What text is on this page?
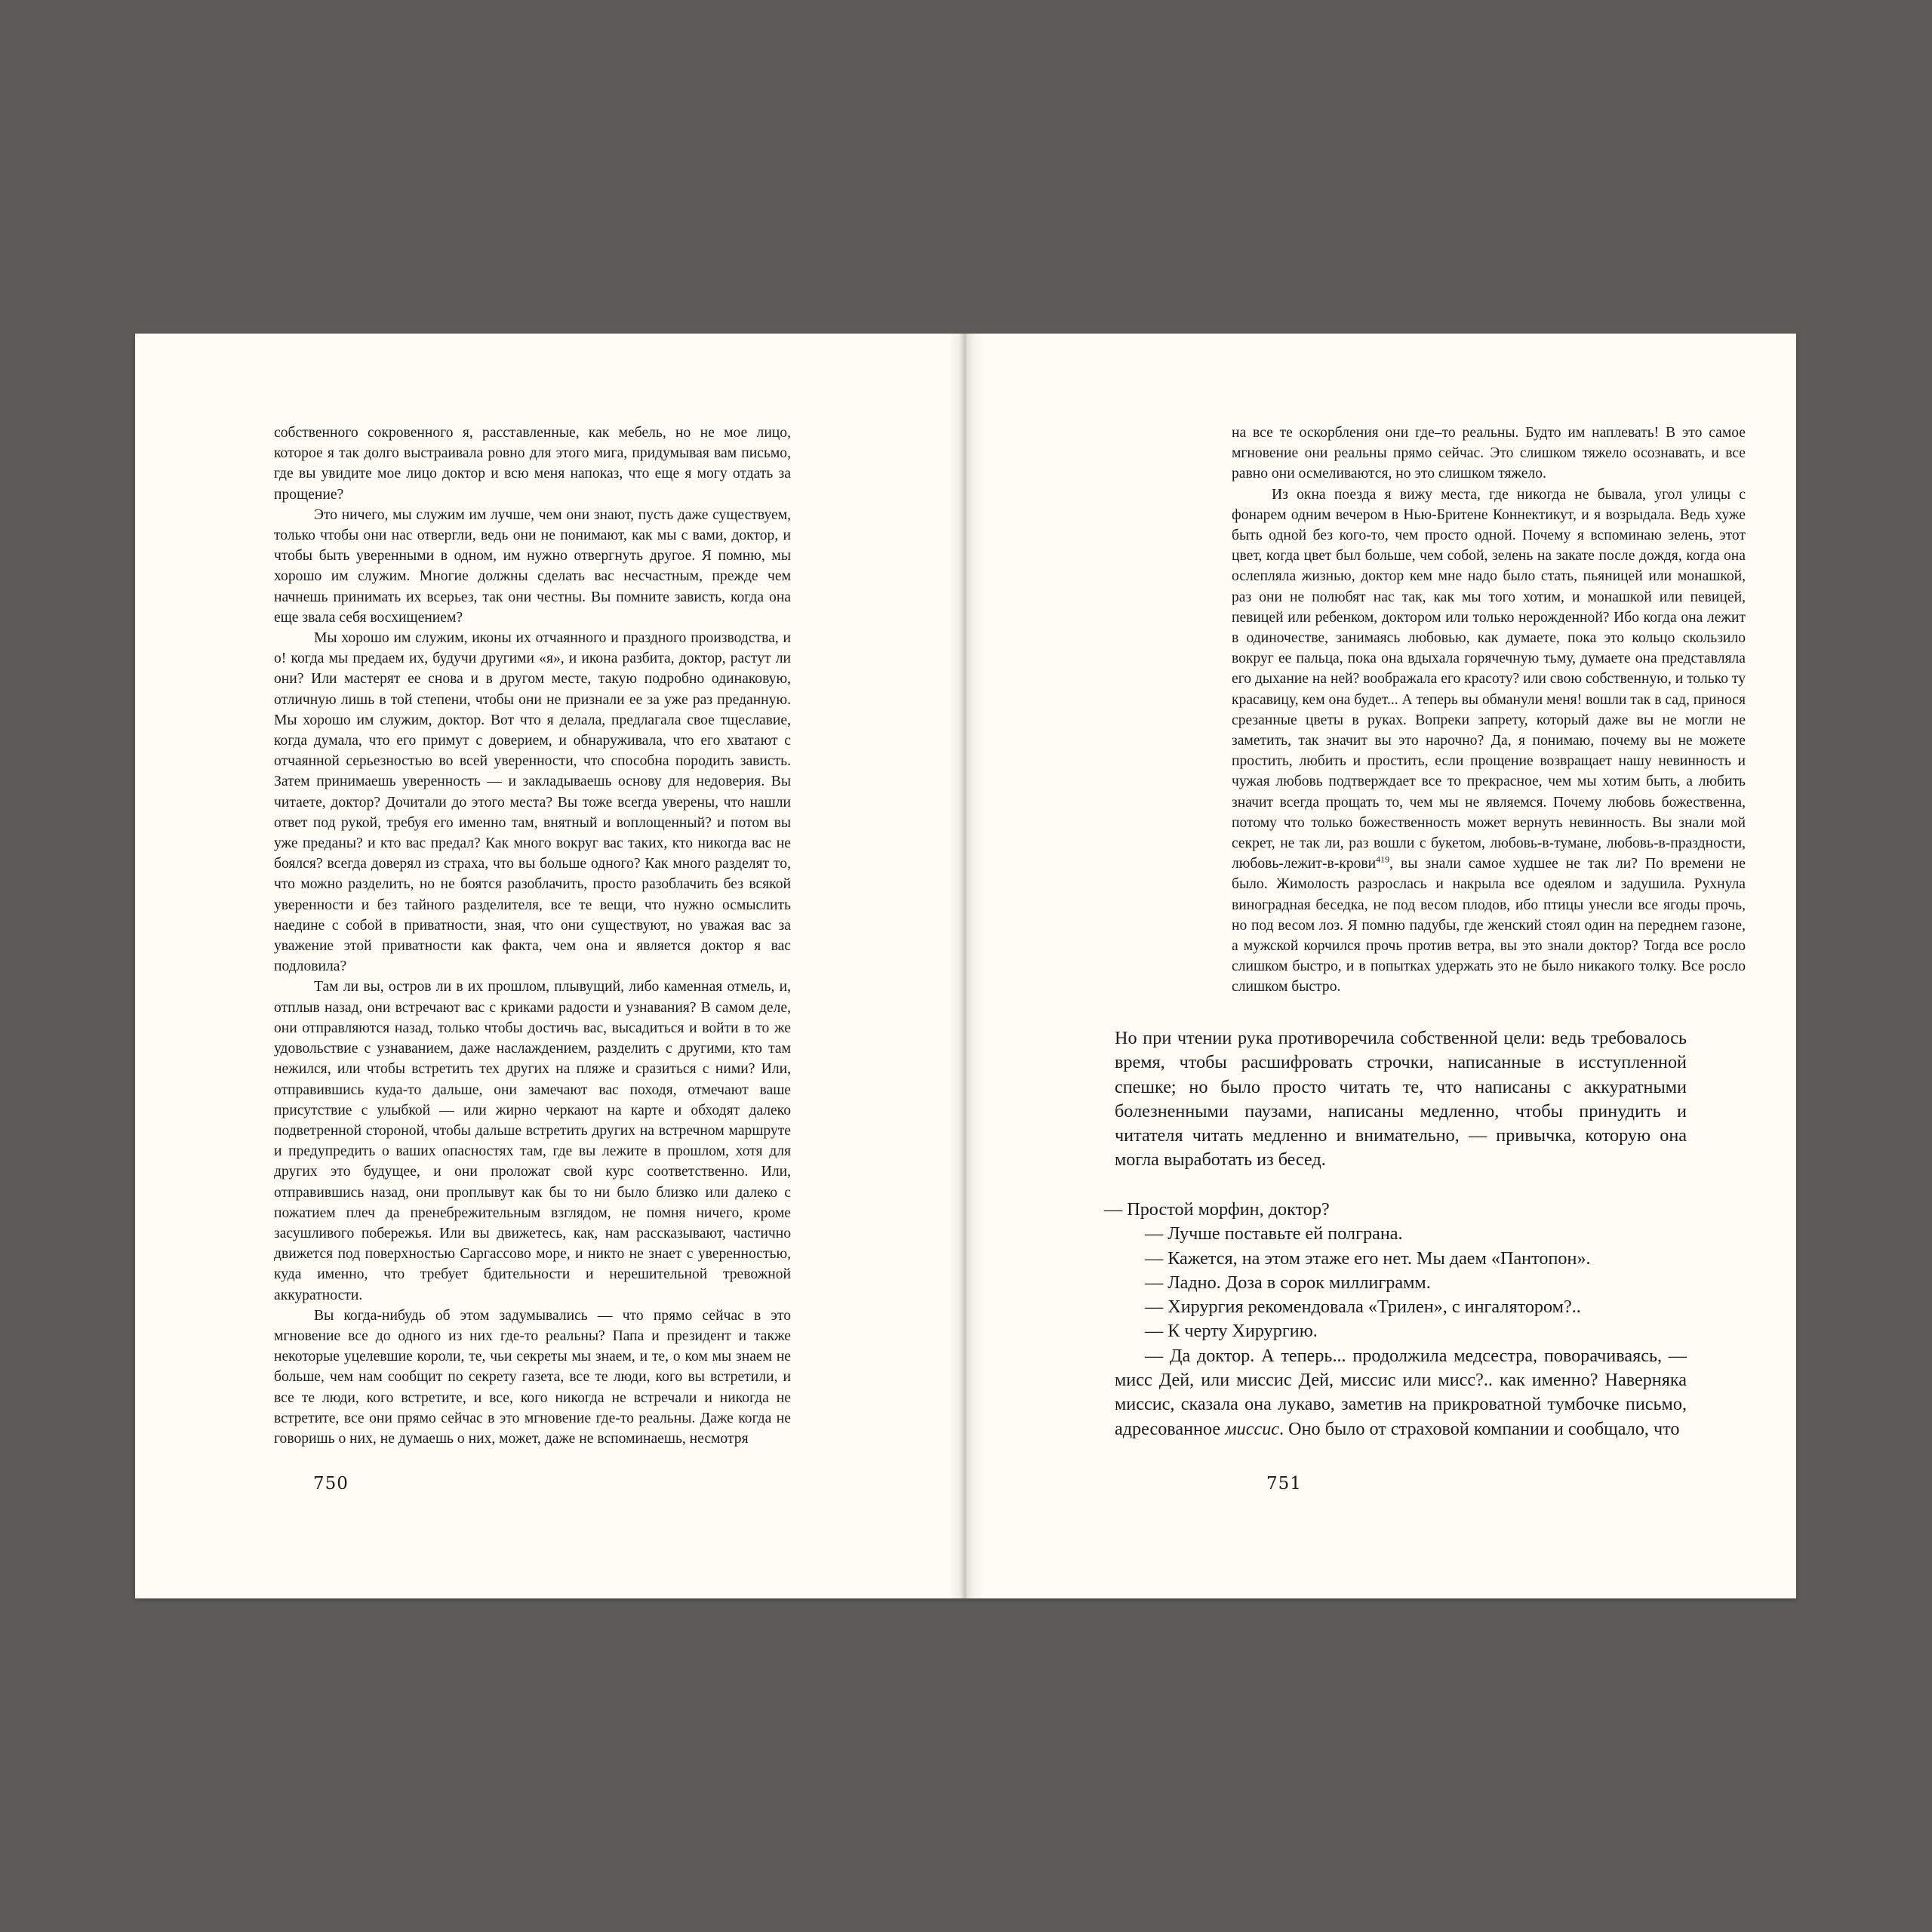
собственного сокровенного я, расставленные, как мебель, но не мое лицо, которое я так долго выстраивала ровно для этого мига, придумывая вам письмо, где вы увидите мое лицо доктор и всю меня напоказ, что еще я могу отдать за прощение?

Это ничего, мы служим им лучше, чем они знают, пусть даже существуем, только чтобы они нас отвергли, ведь они не понимают, как мы с вами, доктор, и чтобы быть уверенными в одном, им нужно отвергнуть другое. Я помню, мы хорошо им служим. Многие должны сделать вас несчастным, прежде чем начнешь принимать их всерьез, так они честны. Вы помните зависть, когда она еще звала себя восхищением?

Мы хорошо им служим, иконы их отчаянного и праздного производства, и о! когда мы предаем их, будучи другими «я», и икона разбита, доктор, растут ли они? Или мастерят ее снова и в другом месте, такую подробно одинаковую, отличную лишь в той степени, чтобы они не признали ее за уже раз преданную. Мы хорошо им служим, доктор. Вот что я делала, предлагала свое тщеславие, когда думала, что его примут с доверием, и обнаруживала, что его хватают с отчаянной серьезностью во всей уверенности, что способна породить зависть. Затем принимаешь уверенность — и закладываешь основу для недоверия. Вы читаете, доктор? Дочитали до этого места? Вы тоже всегда уверены, что нашли ответ под рукой, требуя его именно там, внятный и воплощенный? и потом вы уже преданы? и кто вас предал? Как много вокруг вас таких, кто никогда вас не боялся? всегда доверял из страха, что вы больше одного? Как много разделят то, что можно разделить, но не боятся разоблачить, просто разоблачить без всякой уверенности и без тайного разделителя, все те вещи, что нужно осмыслить наедине с собой в приватности, зная, что они существуют, но уважая вас за уважение этой приватности как факта, чем она и является доктор я вас подловила?

Там ли вы, остров ли в их прошлом, плывущий, либо каменная отмель, и, отплыв назад, они встречают вас с криками радости и узнавания? В самом деле, они отправляются назад, только чтобы достичь вас, высадиться и войти в то же удовольствие с узнаванием, даже наслаждением, разделить с другими, кто там нежился, или чтобы встретить тех других на пляже и сразиться с ними? Или, отправившись куда-то дальше, они замечают вас походя, отмечают ваше присутствие с улыбкой — или жирно черкают на карте и обходят далеко подветренной стороной, чтобы дальше встретить других на встречном маршруте и предупредить о ваших опасностях там, где вы лежите в прошлом, хотя для других это будущее, и они проложат свой курс соответственно. Или, отправившись назад, они проплывут как бы то ни было близко или далеко с пожатием плеч да пренебрежительным взглядом, не помня ничего, кроме засушливого побережья. Или вы движетесь, как, нам рассказывают, частично движется под поверхностью Саргассово море, и никто не знает с уверенностью, куда именно, что требует бдительности и нерешительной тревожной аккуратности.

Вы когда-нибудь об этом задумывались — что прямо сейчас в это мгновение все до одного из них где-то реальны? Папа и президент и также некоторые уцелевшие короли, те, чьи секреты мы знаем, и те, о ком мы знаем не больше, чем нам сообщит по секрету газета, все те люди, кого вы встретили, и все те люди, кого встретите, и все, кого никогда не встречали и никогда не встретите, все они прямо сейчас в это мгновение где-то реальны. Даже когда не говоришь о них, не думаешь о них, может, даже не вспоминаешь, несмотря

750

на все те оскорбления они где–то реальны. Будто им наплевать! В это самое мгновение они реальны прямо сейчас. Это слишком тяжело осознавать, и все равно они осмеливаются, но это слишком тяжело.

Из окна поезда я вижу места, где никогда не бывала, угол улицы с фонарем одним вечером в Нью-Бритене Коннектикут, и я возрыдала. Ведь хуже быть одной без кого-то, чем просто одной. Почему я вспоминаю зелень, этот цвет, когда цвет был больше, чем собой, зелень на закате после дождя, когда она ослепляла жизнью, доктор кем мне надо было стать, пьяницей или монашкой, раз они не полюбят нас так, как мы того хотим, и монашкой или певицей, певицей или ребенком, доктором или только нерожденной? Ибо когда она лежит в одиночестве, занимаясь любовью, как думаете, пока это кольцо скользило вокруг ее пальца, пока она вдыхала горячечную тьму, думаете она представляла его дыхание на ней? воображала его красоту? или свою собственную, и только ту красавицу, кем она будет... А теперь вы обманули меня! вошли так в сад, принося срезанные цветы в руках. Вопреки запрету, который даже вы не могли не заметить, так значит вы это нарочно? Да, я понимаю, почему вы не можете простить, любить и простить, если прощение возвращает нашу невинность и чужая любовь подтверждает все то прекрасное, чем мы хотим быть, а любить значит всегда прощать то, чем мы не являемся. Почему любовь божественна, потому что только божественность может вернуть невинность. Вы знали мой секрет, не так ли, раз вошли с букетом, любовь-в-тумане, любовь-в-праздности, любовь-лежит-в-крови$^{419}$, вы знали самое худшее не так ли? По времени не было. Жимолость разрослась и накрыла все одеялом и задушила. Рухнула виноградная беседка, не под весом плодов, ибо птицы унесли все ягоды прочь, но под весом лоз. Я помню падубы, где женский стоял один на переднем газоне, а мужской корчился прочь против ветра, вы это знали доктор? Тогда все росло слишком быстро, и в попытках удержать это не было никакого толку. Все росло слишком быстро.

Но при чтении рука противоречила собственной цели: ведь требовалось время, чтобы расшифровать строчки, написанные в исступленной спешке; но было просто читать те, что написаны с аккуратными болезненными паузами, написаны медленно, чтобы принудить и читателя читать медленно и внимательно, — привычка, которую она могла выработать из бесед.

— Простой морфин, доктор?

— Лучше поставьте ей полграна.

— Кажется, на этом этаже его нет. Мы даем «Пантопон».

— Ладно. Доза в сорок миллиграмм.

— Хирургия рекомендовала «Трилен», с ингалятором?..

— К черту Хирургию.

— Да доктор. А теперь... продолжила медсестра, поворачиваясь, — мисс Дей, или миссис Дей, миссис или мисс?.. как именно? Наверняка миссис, сказала она лукаво, заметив на прикроватной тумбочке письмо, адресованное миссис. Оно было от страховой компании и сообщало, что

751
